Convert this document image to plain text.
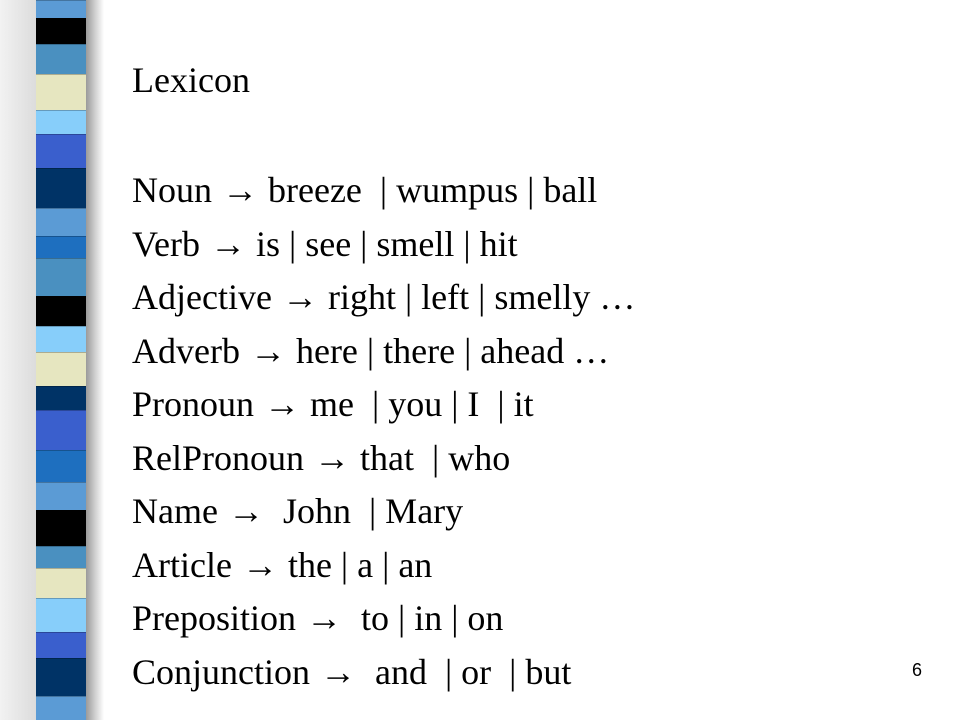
Lexicon
Noun → breeze  | wumpus | ball
Verb → is | see | smell | hit
Adjective → right | left | smelly …
Adverb → here | there | ahead …
Pronoun → me  | you | I  | it
RelPronoun → that  | who
Name → John  | Mary
Article → the | a | an
Preposition → to | in | on
Conjunction → and  | or  | but	6
